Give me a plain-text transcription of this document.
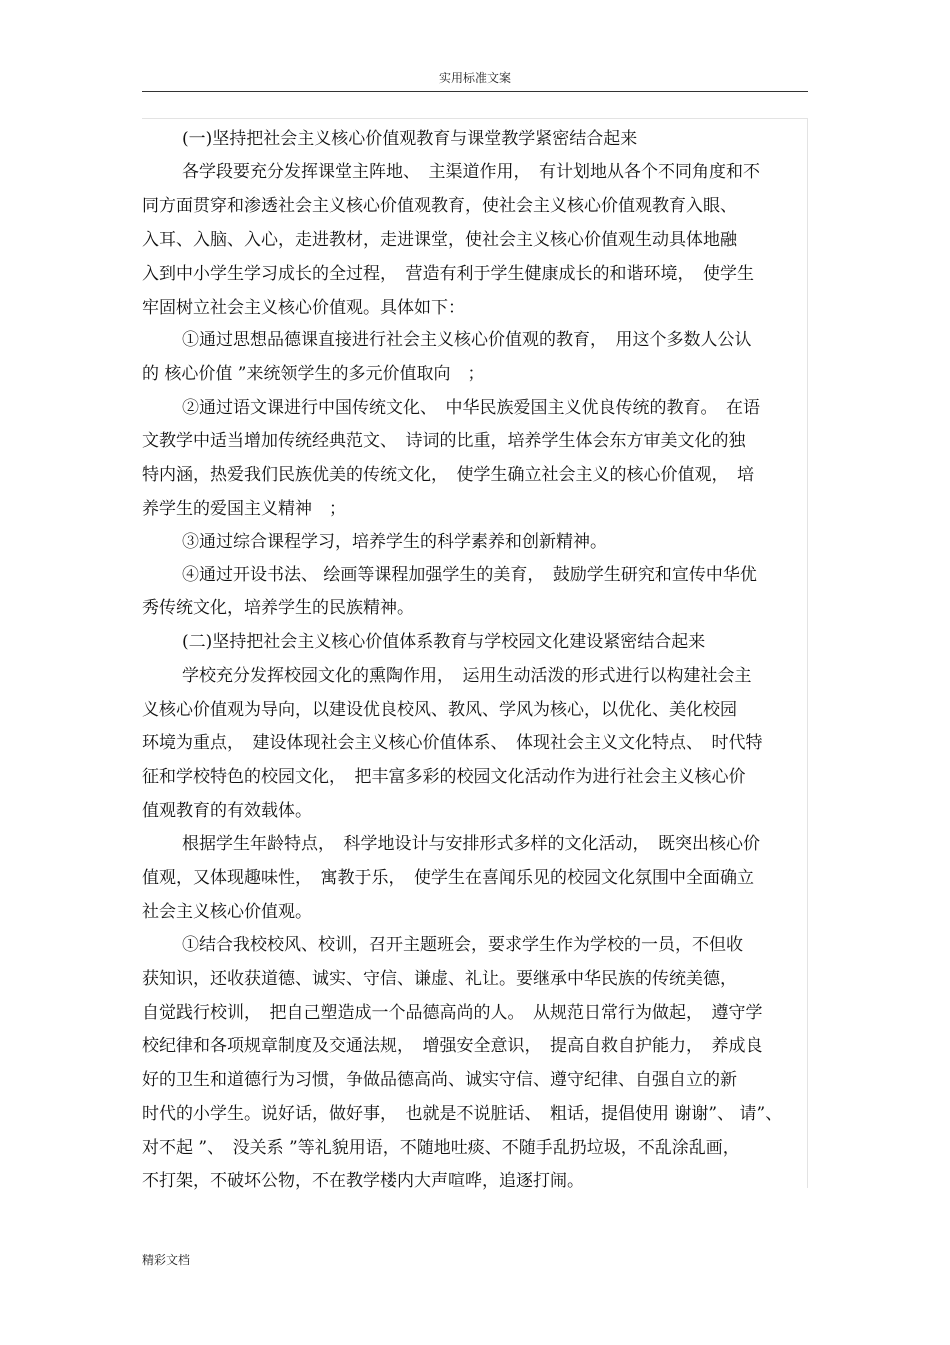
实用标准文案
(一)坚持把社会主义核心价值观教育与课堂教学紧密结合起来
各学段要充分发挥课堂主阵地、　主渠道作用，　有计划地从各个不同角度和不
同方面贯穿和渗透社会主义核心价值观教育，使社会主义核心价值观教育入眼、
入耳、入脑、入心，走进教材，走进课堂，使社会主义核心价值观生动具体地融
入到中小学生学习成长的全过程，　营造有利于学生健康成长的和谐环境，　使学生
牢固树立社会主义核心价值观。具体如下：
①通过思想品德课直接进行社会主义核心价值观的教育，　用这个多数人公认
的 核心价值 ”来统领学生的多元价值取向　；
②通过语文课进行中国传统文化、　中华民族爱国主义优良传统的教育。　在语
文教学中适当增加传统经典范文、　诗词的比重，培养学生体会东方审美文化的独
特内涵，热爱我们民族优美的传统文化，　使学生确立社会主义的核心价值观，　培
养学生的爱国主义精神　；
③通过综合课程学习，培养学生的科学素养和创新精神。
④通过开设书法、 绘画等课程加强学生的美育，　鼓励学生研究和宣传中华优
秀传统文化，培养学生的民族精神。
(二)坚持把社会主义核心价值体系教育与学校园文化建设紧密结合起来
学校充分发挥校园文化的熏陶作用，　运用生动活泼的形式进行以构建社会主
义核心价值观为导向，以建设优良校风、教风、学风为核心，以优化、美化校园
环境为重点，　建设体现社会主义核心价值体系、　体现社会主义文化特点、　时代特
征和学校特色的校园文化，　把丰富多彩的校园文化活动作为进行社会主义核心价
值观教育的有效载体。
根据学生年龄特点，　科学地设计与安排形式多样的文化活动，　既突出核心价
值观，又体现趣味性，　寓教于乐，　使学生在喜闻乐见的校园文化氛围中全面确立
社会主义核心价值观。
①结合我校校风、校训，召开主题班会，要求学生作为学校的一员，不但收
获知识，还收获道德、诚实、守信、谦虚、礼让。要继承中华民族的传统美德，
自觉践行校训，　把自己塑造成一个品德高尚的人。　从规范日常行为做起，　遵守学
校纪律和各项规章制度及交通法规，　增强安全意识，　提高自救自护能力，　养成良
好的卫生和道德行为习惯，争做品德高尚、诚实守信、遵守纪律、自强自立的新
时代的小学生。说好话，做好事，　也就是不说脏话、　粗话，提倡使用 谢谢”、 请”、
对不起 ”、　没关系 ”等礼貌用语，不随地吐痰、不随手乱扔垃圾，不乱涂乱画，
不打架，不破坏公物，不在教学楼内大声喧哗，追逐打闹。
精彩文档
